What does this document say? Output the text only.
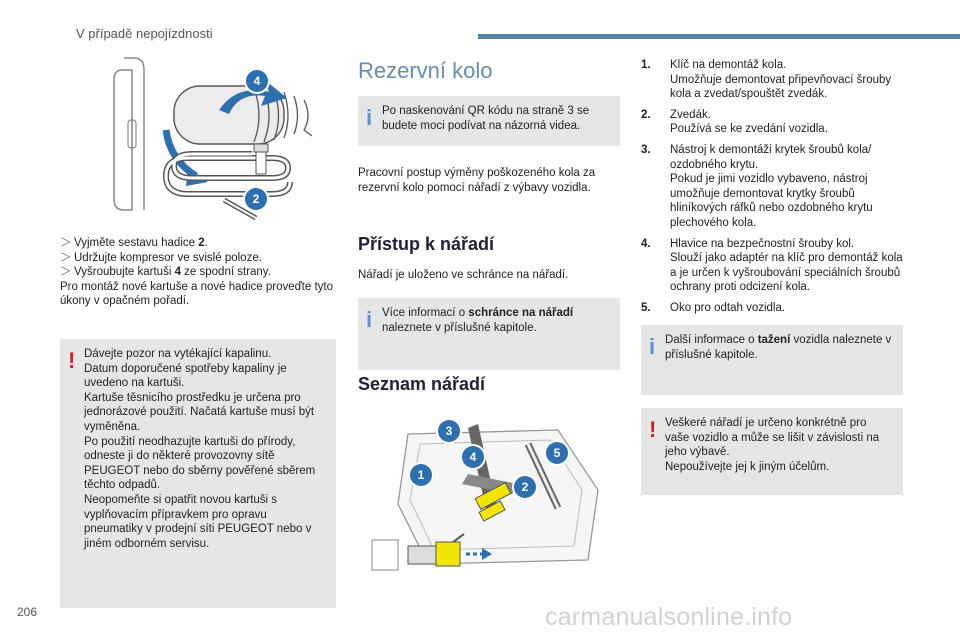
V případě nepojízdnosti
4
2

＞ Vyjměte sestavu hadice 2.
＞ Udržujte kompresor ve svislé poloze.
＞ Vyšroubujte kartuši 4 ze spodní strany.

Pro montáž nové kartuše a nové hadice proveďte tyto úkony v opačném pořadí.

! Dávejte pozor na vytékající kapalinu.
Datum doporučené spotřeby kapaliny je uvedeno na kartuši.
Kartuše těsnicího prostředku je určena pro jednorázové použití. Načatá kartuše musí být vyměněna.
Po použití neodhazujte kartuši do přírody, odneste ji do některé provozovny sítě PEUGEOT nebo do sběrny pověřené sběrem těchto odpadů.
Neopomeňte si opatřit novou kartuši s vyplňovacím přípravkem pro opravu pneumatiky v prodejní síti PEUGEOT nebo v jiném odborném servisu.
Rezervní kolo
i Po naskenování QR kódu na straně 3 se budete moci podívat na názorná videa.

Pracovní postup výměny poškozeného kola za rezervní kolo pomocí nářadí z výbavy vozidla.

Přístup k nářadí

Nářadí je uloženo ve schránce na nářadí.

i Více informací o schránce na nářadí naleznete v příslušné kapitole.
Seznam nářadí
1
2
3
4	5
1. Klíč na demontáž kola.
Umožňuje demontovat připevňovací šrouby kola a zvedat/spouštět zvedák.
2. Zvedák.
Používá se ke zvedání vozidla.
3. Nástroj k demontáži krytek šroubů kola/ ozdobného krytu.
Pokud je jimi vozidlo vybaveno, nástroj umožňuje demontovat krytky šroubů hliníkových ráfků nebo ozdobného krytu plechového kola.
4. Hlavice na bezpečnostní šrouby kol.
Slouží jako adaptér na klíč pro demontáž kola a je určen k vyšroubování speciálních šroubů ochrany proti odcizení kola.
5. Oko pro odtah vozidla.
i Další informace o tažení vozidla naleznete v příslušné kapitole.
! Veškeré nářadí je určeno konkrétně pro vaše vozidlo a může se lišit v závislosti na jeho výbavě.
Nepoužívejte jej k jiným účelům.
206	carmanualsonline.info
